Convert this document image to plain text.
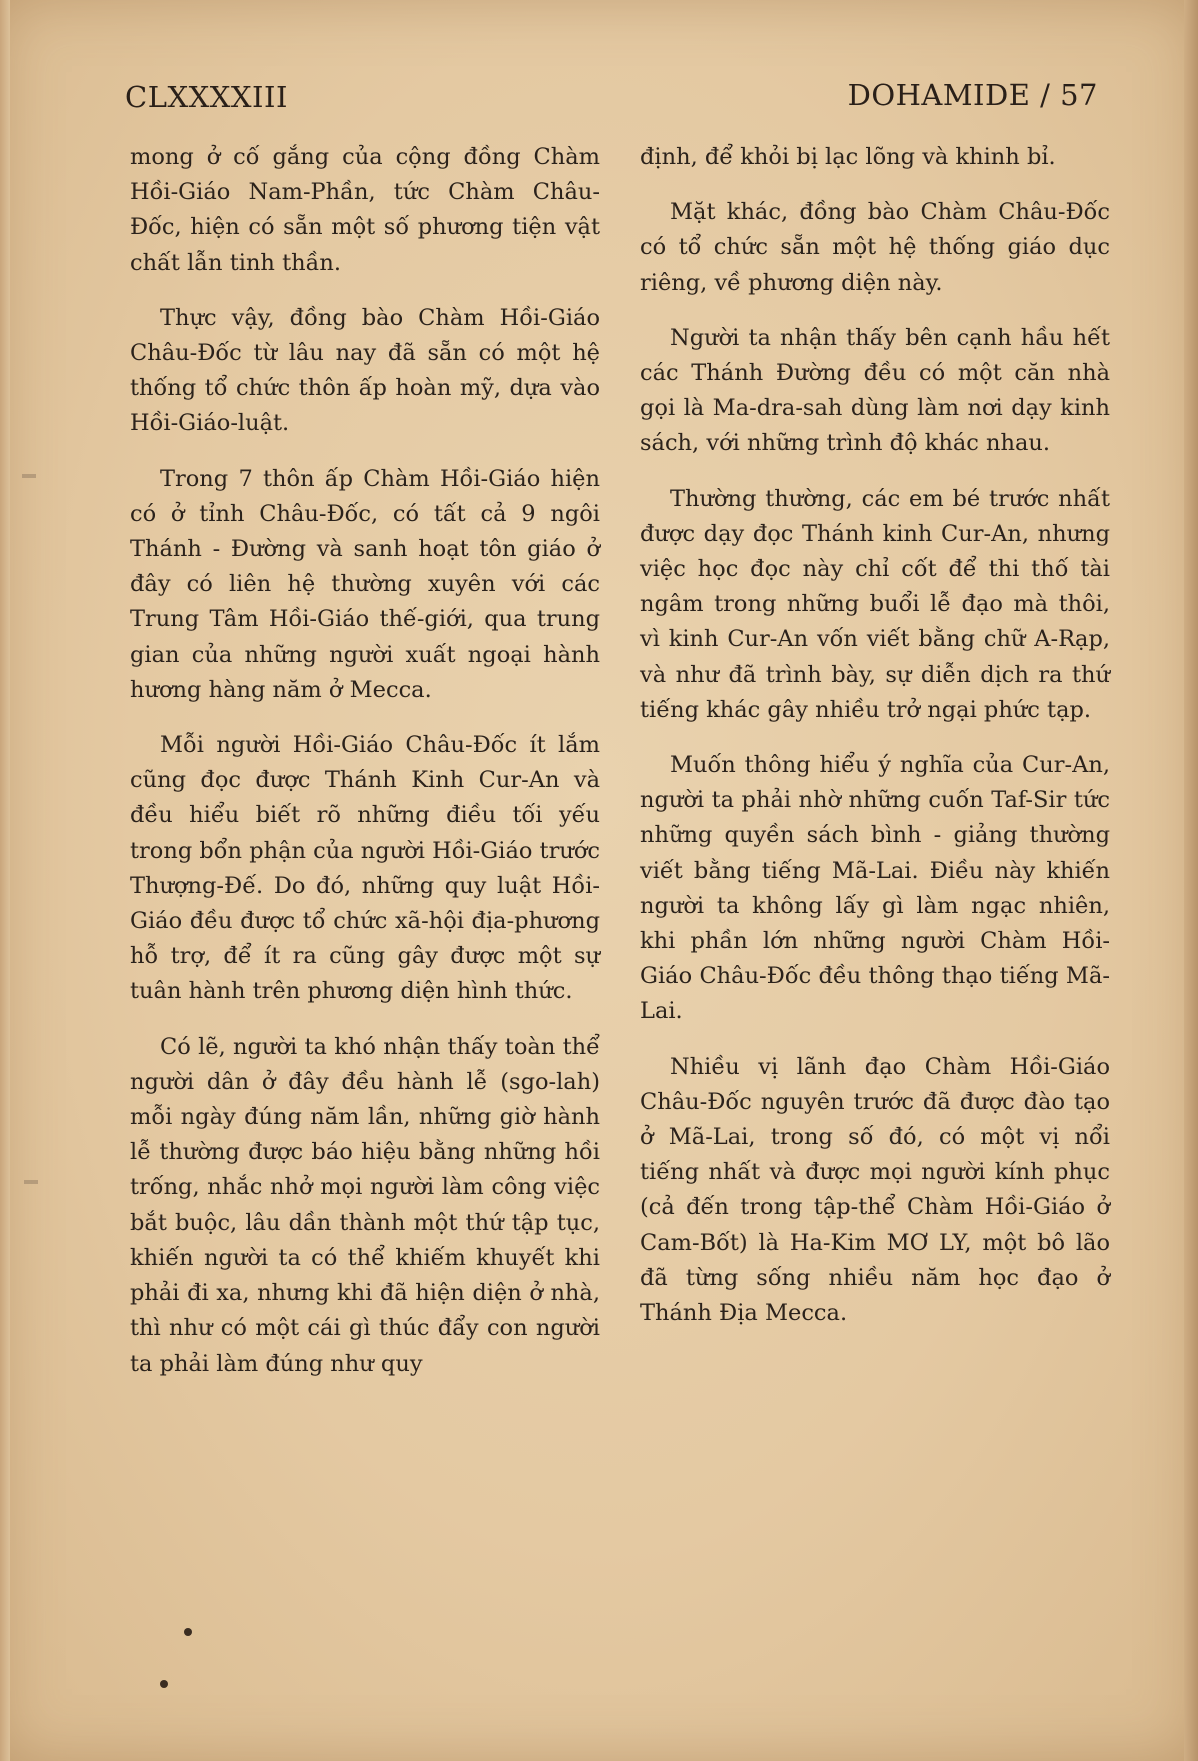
CLXXXXIII	DOHAMIDE / 57

mong ở cố gắng của cộng đồng Chàm Hồi-Giáo Nam-Phần, tức Chàm Châu-Đốc, hiện có sẵn một số phương tiện vật chất lẫn tinh thần.

Thực vậy, đồng bào Chàm Hồi-Giáo Châu-Đốc từ lâu nay đã sẵn có một hệ thống tổ chức thôn ấp hoàn mỹ, dựa vào Hồi-Giáo-luật.

Trong 7 thôn ấp Chàm Hồi-Giáo hiện có ở tỉnh Châu-Đốc, có tất cả 9 ngôi Thánh - Đường và sanh hoạt tôn giáo ở đây có liên hệ thường xuyên với các Trung Tâm Hồi-Giáo thế-giới, qua trung gian của những người xuất ngoại hành hương hàng năm ở Mecca.

Mỗi người Hồi-Giáo Châu-Đốc ít lắm cũng đọc được Thánh Kinh Cur-An và đều hiểu biết rõ những điều tối yếu trong bổn phận của người Hồi-Giáo trước Thượng-Đế. Do đó, những quy luật Hồi-Giáo đều được tổ chức xã-hội địa-phương hỗ trợ, để ít ra cũng gây được một sự tuân hành trên phương diện hình thức.

Có lẽ, người ta khó nhận thấy toàn thể người dân ở đây đều hành lễ (sgo-lah) mỗi ngày đúng năm lần, những giờ hành lễ thường được báo hiệu bằng những hồi trống, nhắc nhở mọi người làm công việc bắt buộc, lâu dần thành một thứ tập tục, khiến người ta có thể khiếm khuyết khi phải đi xa, nhưng khi đã hiện diện ở nhà, thì như có một cái gì thúc đẩy con người ta phải làm đúng như quy

định, để khỏi bị lạc lõng và khinh bỉ.

Mặt khác, đồng bào Chàm Châu-Đốc có tổ chức sẵn một hệ thống giáo dục riêng, về phương diện này.

Người ta nhận thấy bên cạnh hầu hết các Thánh Đường đều có một căn nhà gọi là Ma-dra-sah dùng làm nơi dạy kinh sách, với những trình độ khác nhau.

Thường thường, các em bé trước nhất được dạy đọc Thánh kinh Cur-An, nhưng việc học đọc này chỉ cốt để thi thố tài ngâm trong những buổi lễ đạo mà thôi, vì kinh Cur-An vốn viết bằng chữ A-Rạp, và như đã trình bày, sự diễn dịch ra thứ tiếng khác gây nhiều trở ngại phức tạp.

Muốn thông hiểu ý nghĩa của Cur-An, người ta phải nhờ những cuốn Taf-Sir tức những quyền sách bình - giảng thường viết bằng tiếng Mã-Lai. Điều này khiến người ta không lấy gì làm ngạc nhiên, khi phần lớn những người Chàm Hồi-Giáo Châu-Đốc đều thông thạo tiếng Mã-Lai.

Nhiều vị lãnh đạo Chàm Hồi-Giáo Châu-Đốc nguyên trước đã được đào tạo ở Mã-Lai, trong số đó, có một vị nổi tiếng nhất và được mọi người kính phục (cả đến trong tập-thể Chàm Hồi-Giáo ở Cam-Bốt) là Ha-Kim MƠ LY, một bô lão đã từng sống nhiều năm học đạo ở Thánh Địa Mecca.
